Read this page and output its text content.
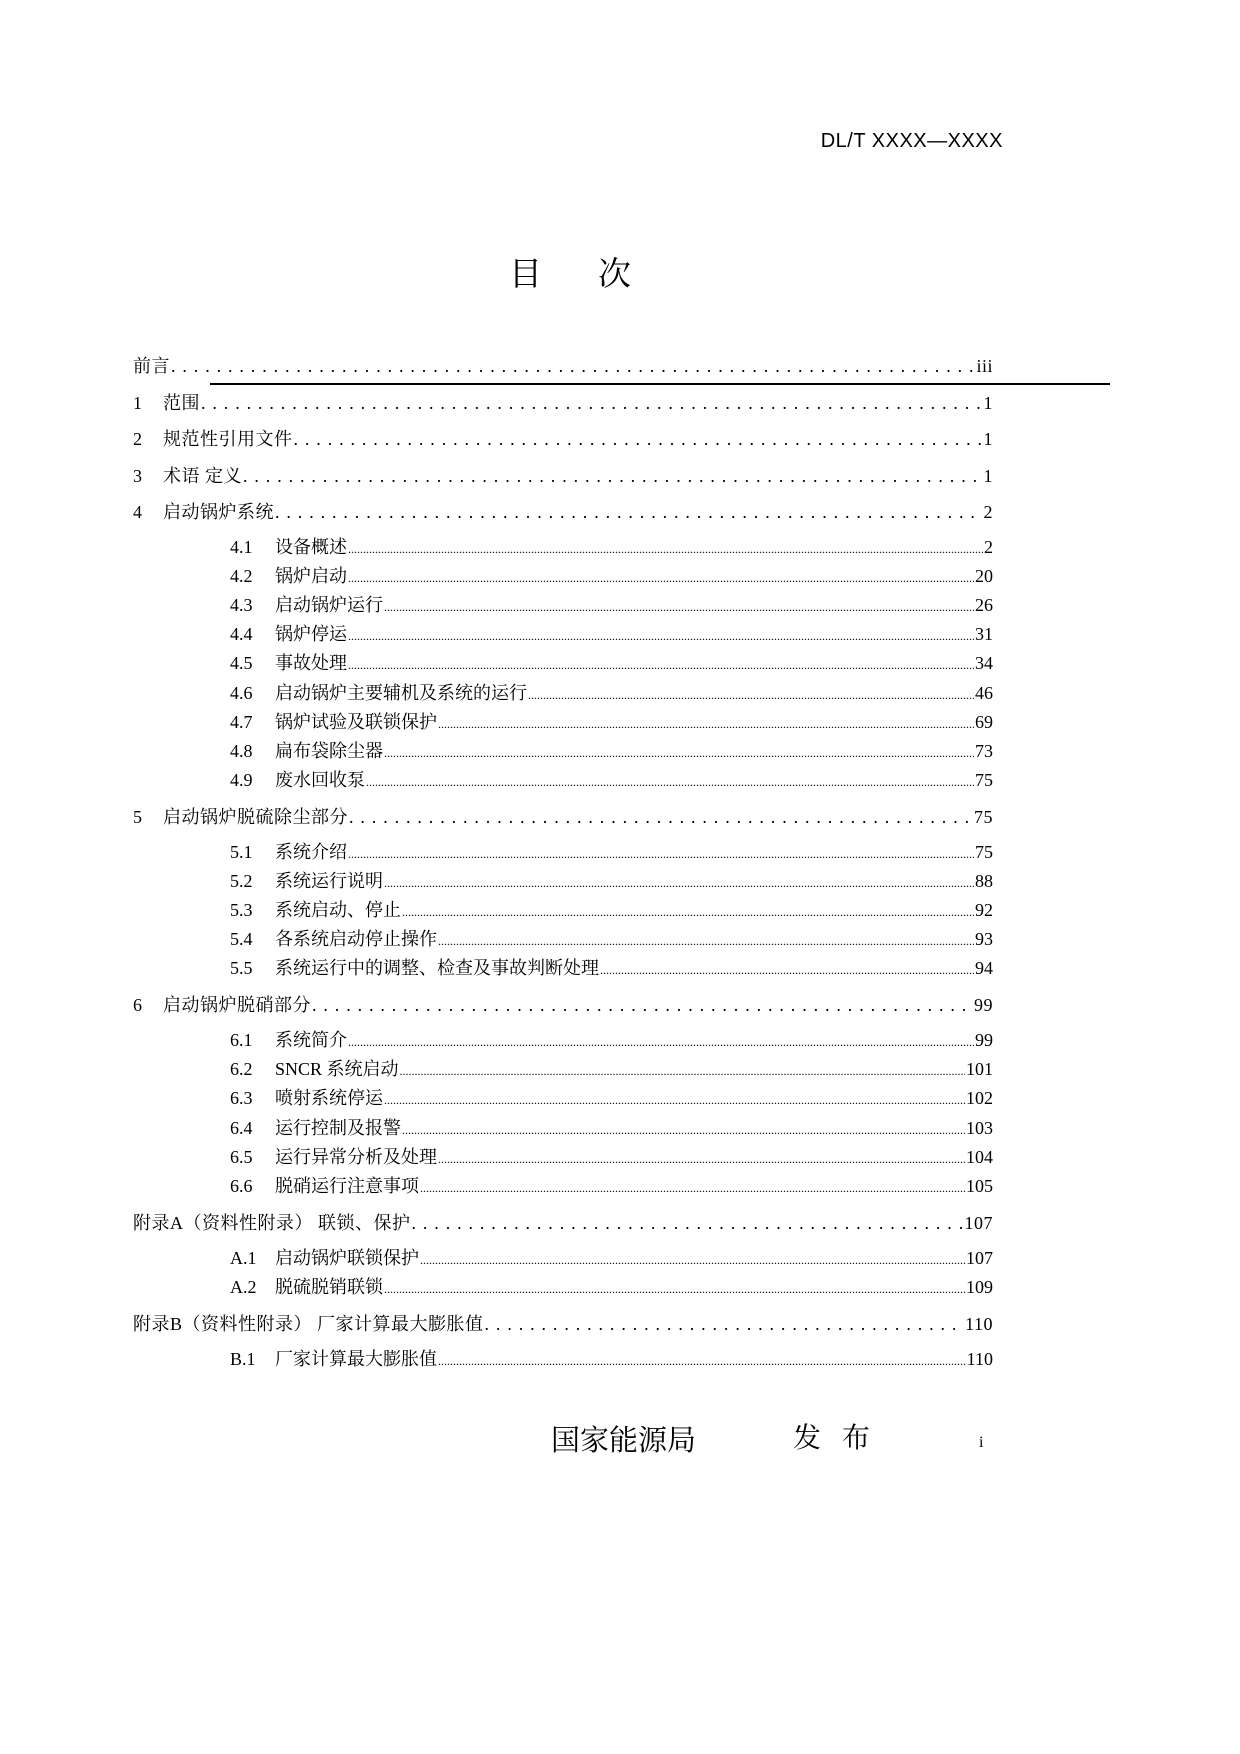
DL/T XXXX—XXXX
目 次
前言 . . .	iii
1	范围 . . .	1
2	规范性引用文件 . . .	1
3	术语 定义 . . .	1
4	启动锅炉系统 . . .	2
4.1	设备概述 .....	2
4.2	锅炉启动 .....	20
4.3	启动锅炉运行 .....	26
4.4	锅炉停运 .....	31
4.5	事故处理 .....	34
4.6	启动锅炉主要辅机及系统的运行 .....	46
4.7	锅炉试验及联锁保护 .....	69
4.8	扁布袋除尘器 .....	73
4.9	废水回收泵 .....	75
5	启动锅炉脱硫除尘部分 . . .	75
5.1	系统介绍 .....	75
5.2	系统运行说明 .....	88
5.3	系统启动、停止 .....	92
5.4	各系统启动停止操作 .....	93
5.5	系统运行中的调整、检查及事故判断处理 .....	94
6	启动锅炉脱硝部分 . . .	99
6.1	系统简介 .....	99
6.2	SNCR 系统启动 .....	101
6.3	喷射系统停运 .....	102
6.4	运行控制及报警 .....	103
6.5	运行异常分析及处理 .....	104
6.6	脱硝运行注意事项 .....	105
附录A（资料性附录） 联锁、保护 . . .	107
A.1	启动锅炉联锁保护 .....	107
A.2	脱硫脱销联锁 .....	109
附录B（资料性附录） 厂家计算最大膨胀值 . . .	110
B.1	厂家计算最大膨胀值 .....	110
国家能源局	发 布	i
